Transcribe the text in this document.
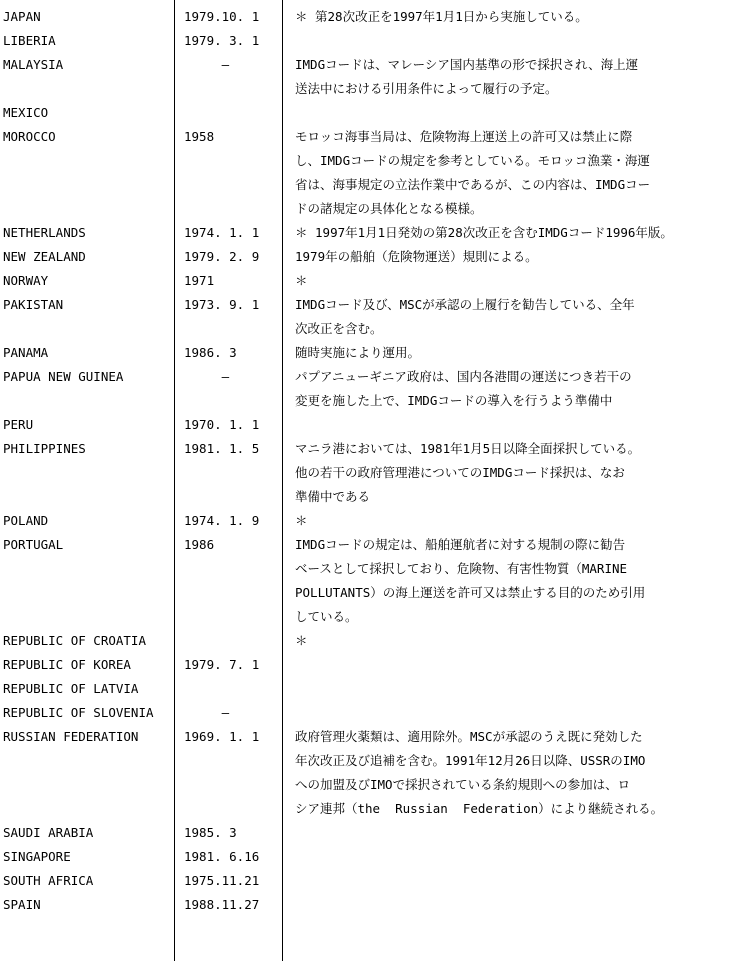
JAPAN	1979.10. 1	＊ 第28次改正を1997年1月1日から実施している。
LIBERIA	1979. 3. 1
MALAYSIA	—	IMDGコードは、マレーシア国内基準の形で採択され、海上運
送法中における引用条件によって履行の予定。
MEXICO
MOROCCO	1958	モロッコ海事当局は、危険物海上運送上の許可又は禁止に際
し、IMDGコードの規定を参考としている。モロッコ漁業・海運
省は、海事規定の立法作業中であるが、この内容は、IMDGコー
ドの諸規定の具体化となる模様。
NETHERLANDS	1974. 1. 1	＊ 1997年1月1日発効の第28次改正を含むIMDGコード1996年版。
NEW ZEALAND	1979. 2. 9	1979年の船舶（危険物運送）規則による。
NORWAY	1971	＊
PAKISTAN	1973. 9. 1	IMDGコード及び、MSCが承認の上履行を勧告している、全年
次改正を含む。
PANAMA	1986. 3	随時実施により運用。
PAPUA NEW GUINEA	—	パプアニューギニア政府は、国内各港間の運送につき若干の
変更を施した上で、IMDGコードの導入を行うよう準備中
PERU	1970. 1. 1
PHILIPPINES	1981. 1. 5	マニラ港においては、1981年1月5日以降全面採択している。
他の若干の政府管理港についてのIMDGコード採択は、なお
準備中である
POLAND	1974. 1. 9	＊
PORTUGAL	1986	IMDGコードの規定は、船舶運航者に対する規制の際に勧告
ベースとして採択しており、危険物、有害性物質（MARINE
POLLUTANTS）の海上運送を許可又は禁止する目的のため引用
している。
REPUBLIC OF CROATIA	＊
REPUBLIC OF KOREA	1979. 7. 1
REPUBLIC OF LATVIA
REPUBLIC OF SLOVENIA —
RUSSIAN FEDERATION	1969. 1. 1	政府管理火薬類は、適用除外。MSCが承認のうえ既に発効した
年次改正及び追補を含む。1991年12月26日以降、USSRのIMO
への加盟及びIMOで採択されている条約規則への参加は、ロ
シア連邦（the  Russian  Federation）により継続される。
SAUDI ARABIA	1985. 3
SINGAPORE	1981. 6.16
SOUTH AFRICA	1975.11.21
SPAIN	1988.11.27
